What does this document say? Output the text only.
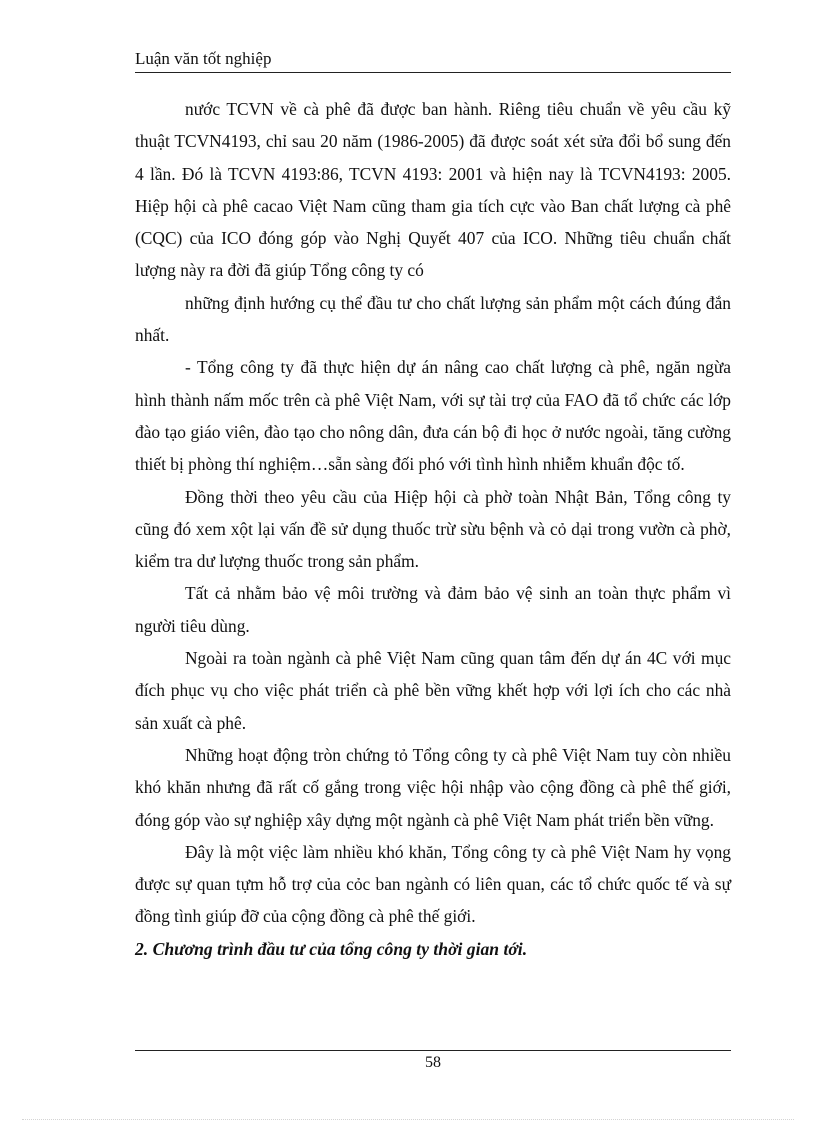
Luận văn tốt nghiệp

nước TCVN về cà phê đã được ban hành. Riêng tiêu chuẩn về yêu cầu kỹ thuật TCVN4193, chỉ sau 20 năm (1986-2005) đã được soát xét sửa đổi bổ sung đến 4 lần. Đó là TCVN 4193:86, TCVN 4193: 2001 và hiện nay là TCVN4193: 2005. Hiệp hội cà phê cacao Việt Nam cũng tham gia tích cực vào Ban chất lượng cà phê (CQC) của ICO đóng góp vào Nghị Quyết 407 của ICO. Những tiêu chuẩn chất lượng này ra đời đã giúp Tổng công ty có

những định hướng cụ thể đầu tư cho chất lượng sản phẩm một cách đúng đắn nhất.

- Tổng công ty đã thực hiện dự án nâng cao chất lượng cà phê, ngăn ngừa hình thành nấm mốc trên cà phê Việt Nam, với sự tài trợ của FAO đã tổ chức các lớp đào tạo giáo viên, đào tạo cho nông dân, đưa cán bộ đi học ở nước ngoài, tăng cường thiết bị phòng thí nghiệm…sẵn sàng đối phó với tình hình nhiễm khuẩn độc tố.

Đồng thời theo yêu cầu của Hiệp hội cà phờ toàn Nhật Bản, Tổng công ty cũng đó xem xột lại vấn đề sử dụng thuốc trừ sừu bệnh và cỏ dại trong vườn cà phờ, kiểm tra dư lượng thuốc trong sản phẩm.

Tất cả nhằm bảo vệ môi trường và đảm bảo vệ sinh an toàn thực phẩm vì người tiêu dùng.

Ngoài ra toàn ngành cà phê Việt Nam cũng quan tâm đến dự án 4C với mục đích phục vụ cho việc phát triển cà phê bền vững khết hợp với lợi ích cho các nhà sản xuất cà phê.

Những hoạt động tròn chứng tỏ Tổng công ty cà phê Việt Nam tuy còn nhiều khó khăn nhưng đã rất cố gắng trong việc hội nhập vào cộng đồng cà phê thế giới, đóng góp vào sự nghiệp xây dựng một ngành cà phê Việt Nam phát triển bền vững.

Đây là một việc làm nhiều khó khăn, Tổng công ty cà phê Việt Nam hy vọng được sự quan tựm hỗ trợ của cỏc ban ngành có liên quan, các tổ chức quốc tế và sự đồng tình giúp đỡ của cộng đồng cà phê thế giới.

2. Chương trình đầu tư của tổng công ty thời gian tới.

58
